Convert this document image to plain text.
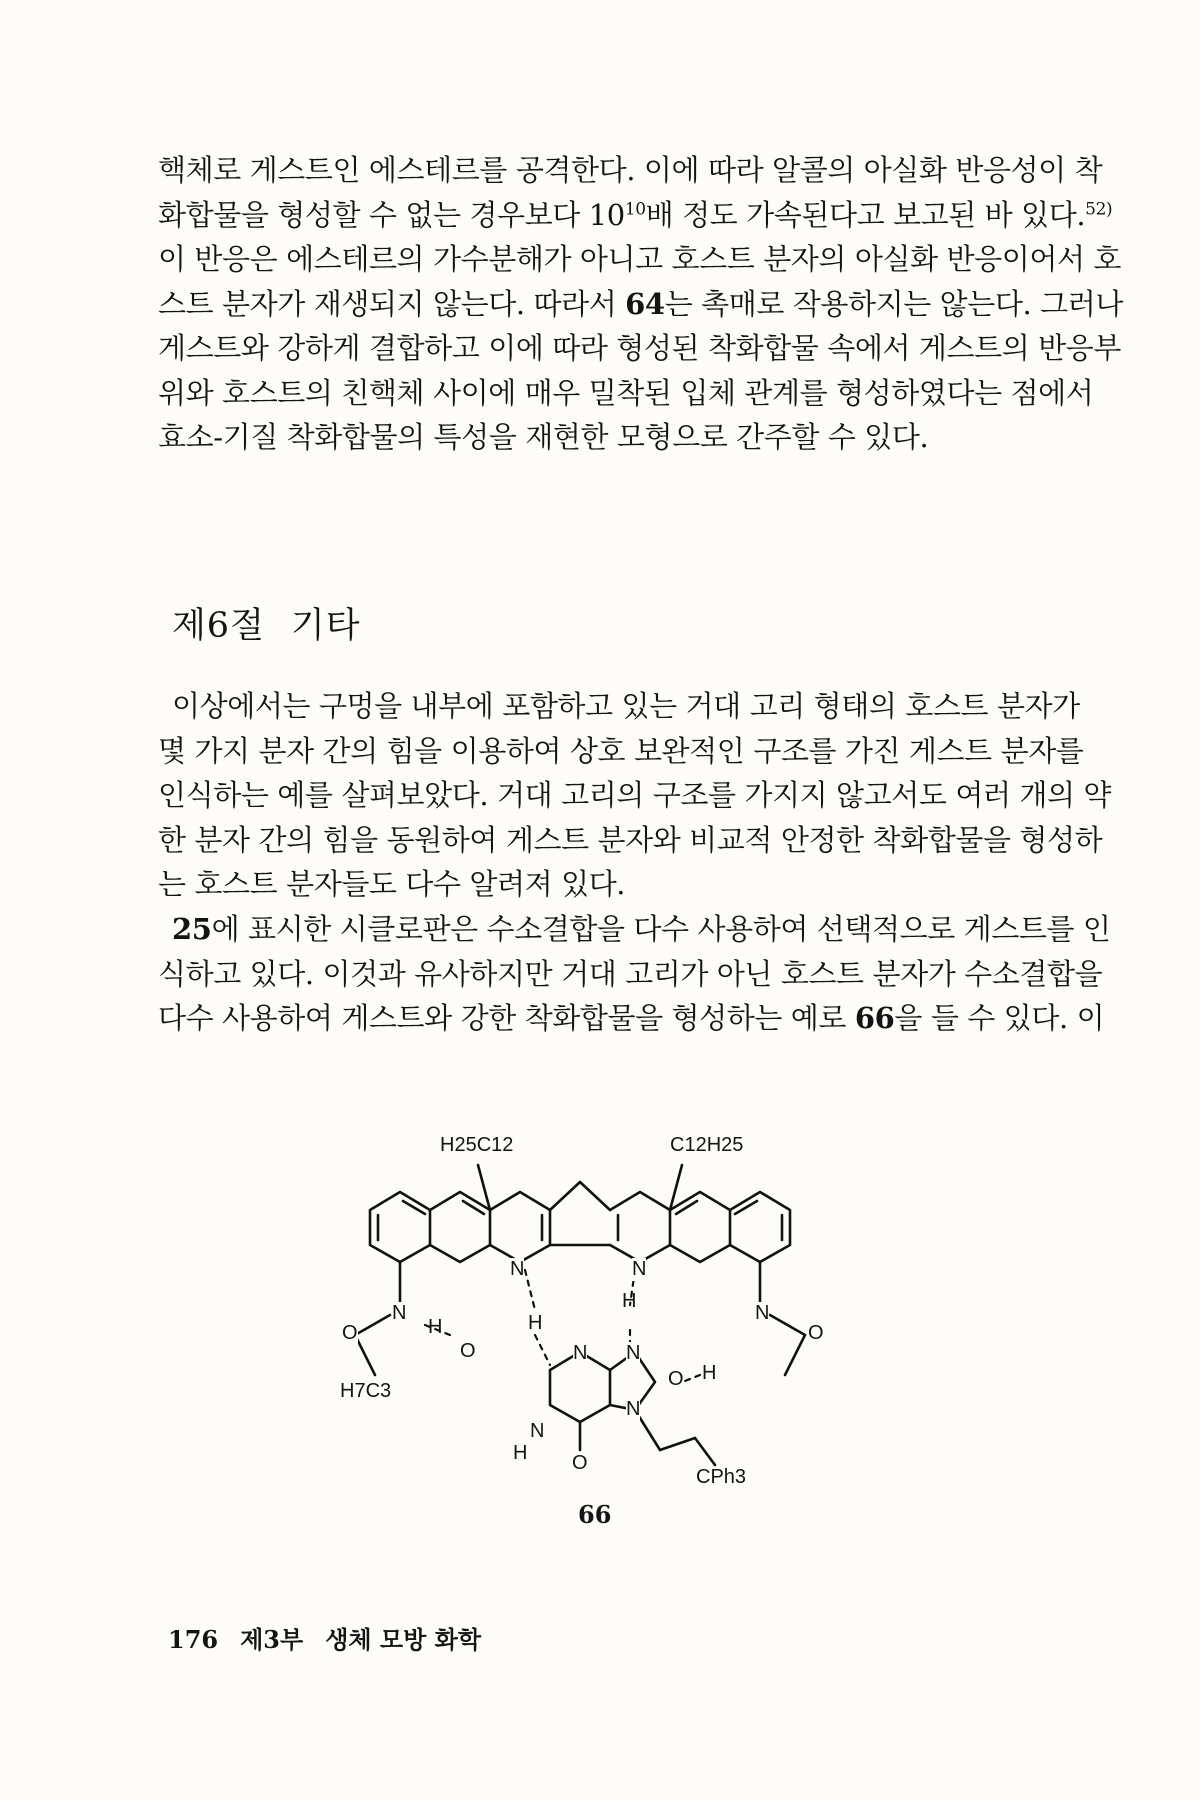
핵체로 게스트인 에스테르를 공격한다. 이에 따라 알콜의 아실화 반응성이 착
화합물을 형성할 수 없는 경우보다 $10^{10}$배 정도 가속된다고 보고된 바 있다.$^{52)}$
이 반응은 에스테르의 가수분해가 아니고 호스트 분자의 아실화 반응이어서 호
스트 분자가 재생되지 않는다. 따라서 64는 촉매로 작용하지는 않는다. 그러나
게스트와 강하게 결합하고 이에 따라 형성된 착화합물 속에서 게스트의 반응부
위와 호스트의 친핵체 사이에 매우 밀착된 입체 관계를 형성하였다는 점에서
효소-기질 착화합물의 특성을 재현한 모형으로 간주할 수 있다.
제6절 기타
이상에서는 구멍을 내부에 포함하고 있는 거대 고리 형태의 호스트 분자가
몇 가지 분자 간의 힘을 이용하여 상호 보완적인 구조를 가진 게스트 분자를
인식하는 예를 살펴보았다. 거대 고리의 구조를 가지지 않고서도 여러 개의 약
한 분자 간의 힘을 동원하여 게스트 분자와 비교적 안정한 착화합물을 형성하
는 호스트 분자들도 다수 알려져 있다.
25에 표시한 시클로판은 수소결합을 다수 사용하여 선택적으로 게스트를 인
식하고 있다. 이것과 유사하지만 거대 고리가 아닌 호스트 분자가 수소결합을
다수 사용하여 게스트와 강한 착화합물을 형성하는 예로 66을 들 수 있다. 이
H25C12	C12H25
N	N
H
H
N
H
O
H7C3
O	N N
O H
N
O
N
N
H O
CPh3
66
176 제3부 생체 모방 화학
